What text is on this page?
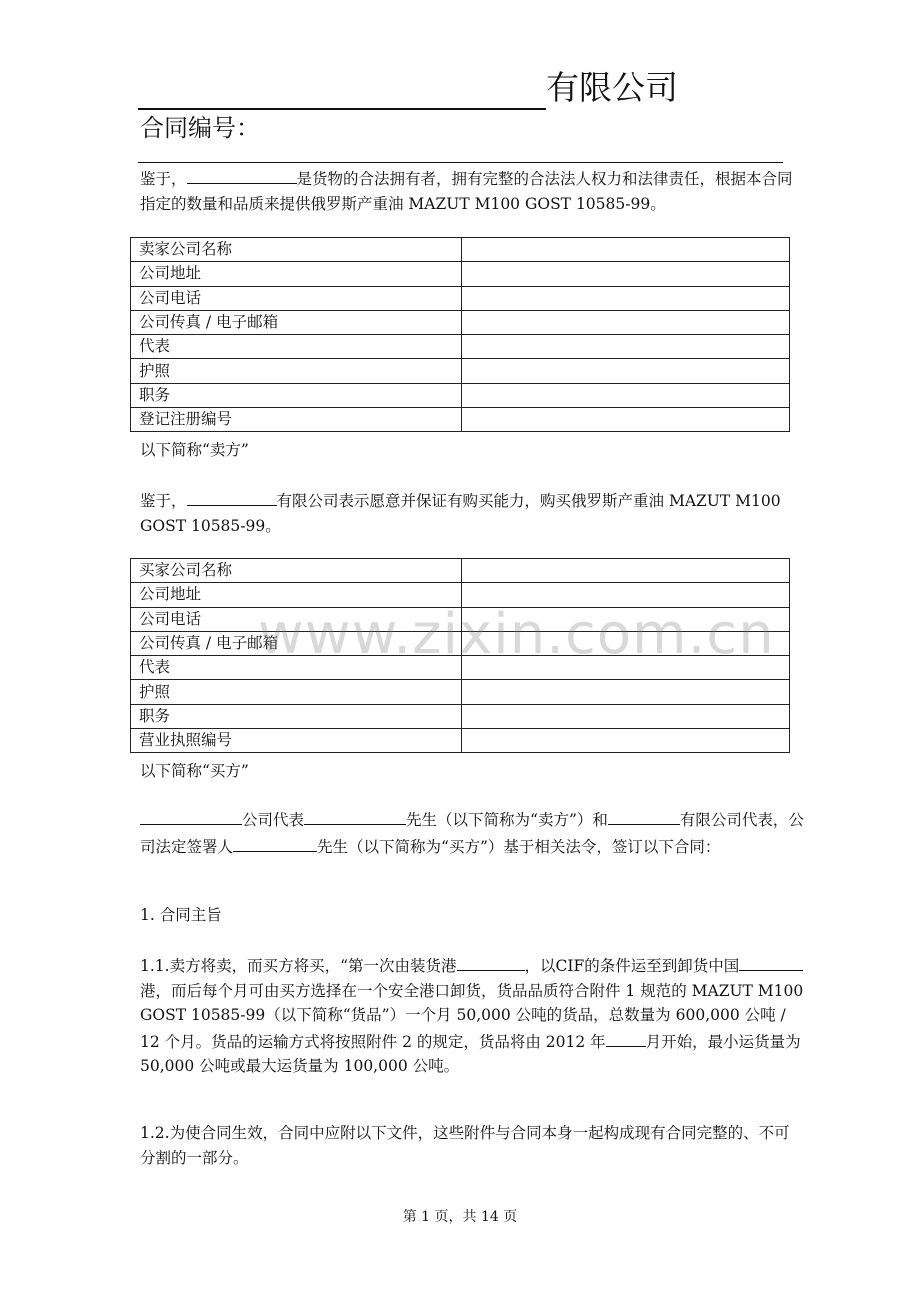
有限公司
合同编号：

鉴于，	是货物的合法拥有者，拥有完整的合法法人权力和法律责任，根据本合同指定的数量和品质来提供俄罗斯产重油 MAZUT M100 GOST 10585-99。

卖家公司名称	
公司地址	
公司电话	
公司传真 / 电子邮箱	
代表	
护照	
职务	
登记注册编号	

以下简称“卖方”

鉴于，	有限公司表示愿意并保证有购买能力，购买俄罗斯产重油 MAZUT M100 GOST 10585-99。

买家公司名称	
公司地址	
公司电话	
公司传真 / 电子邮箱	
代表	
护照	
职务	
营业执照编号	

以下简称“买方”

公司代表	先生（以下简称为“卖方”）和	有限公司代表，公司法定签署人	先生（以下简称为“买方”）基于相关法令，签订以下合同：

1. 合同主旨

1.1.卖方将卖，而买方将买，“第一次由装货港	，以CIF的条件运至到卸货中国港，而后每个月可由买方选择在一个安全港口卸货，货品品质符合附件 1 规范的 MAZUT M100 GOST 10585-99（以下简称“货品”）一个月 50,000 公吨的货品，总数量为 600,000 公吨 / 12 个月。货品的运输方式将按照附件 2 的规定，货品将由 2012 年	月开始，最小运货量为 50,000 公吨或最大运货量为 100,000 公吨。

1.2.为使合同生效，合同中应附以下文件，这些附件与合同本身一起构成现有合同完整的、不可分割的一部分。

www.zixin.com.cn
第 1 页，共 14 页
